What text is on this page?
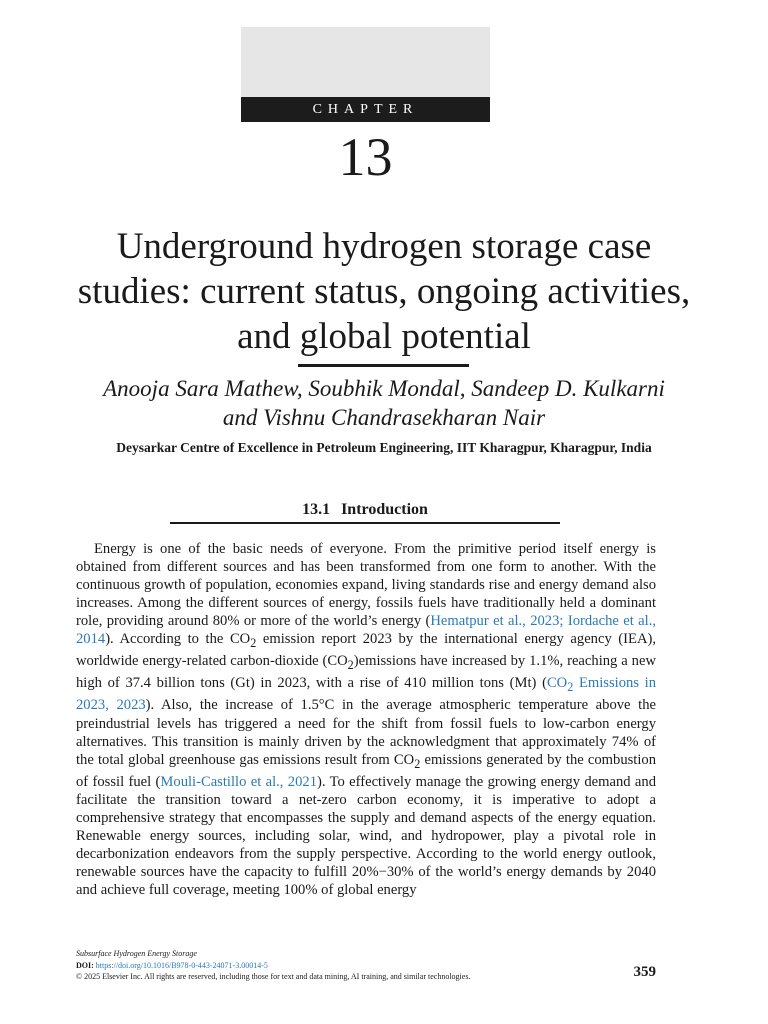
CHAPTER
13
Underground hydrogen storage case studies: current status, ongoing activities, and global potential
Anooja Sara Mathew, Soubhik Mondal, Sandeep D. Kulkarni
and Vishnu Chandrasekharan Nair
Deysarkar Centre of Excellence in Petroleum Engineering, IIT Kharagpur, Kharagpur, India
13.1 Introduction

Energy is one of the basic needs of everyone. From the primitive period itself energy is obtained from different sources and has been transformed from one form to another. With the continuous growth of population, economies expand, living standards rise and energy demand also increases. Among the different sources of energy, fossils fuels have traditionally held a dominant role, providing around 80% or more of the world’s energy (Hematpur et al., 2023; Iordache et al., 2014). According to the $CO_2$ emission report 2023 by the international energy agency (IEA), worldwide energy-related carbon-dioxide $(CO_2)emissions$ have increased by 1.1%, reaching a new high of 37.4 billion tons (Gt) in 2023, with a rise of 410 million tons (Mt) ($CO_2$ Emissions in 2023, 2023). Also, the increase of 1.5°C in the average atmospheric temperature above the preindustrial levels has triggered a need for the shift from fossil fuels to low-carbon energy alternatives. This transition is mainly driven by the acknowledgment that approximately 74% of the total global greenhouse gas emissions result from $CO_2$ emissions generated by the combustion of fossil fuel (Mouli-Castillo et al., 2021). To effectively manage the growing energy demand and facilitate the transition toward a net-zero carbon economy, it is imperative to adopt a comprehensive strategy that encompasses the supply and demand aspects of the energy equation. Renewable energy sources, including solar, wind, and hydropower, play a pivotal role in decarbonization endeavors from the supply perspective. According to the world energy outlook, renewable sources have the capacity to fulfill 20%−30% of the world’s energy demands by 2040 and achieve full coverage, meeting 100% of global energy

Subsurface Hydrogen Energy Storage
DOI: https://doi.org/10.1016/B978-0-443-24071-3.00014-5
© 2025 Elsevier Inc. All rights are reserved, including those for text and data mining, AI training, and similar technologies.	359
